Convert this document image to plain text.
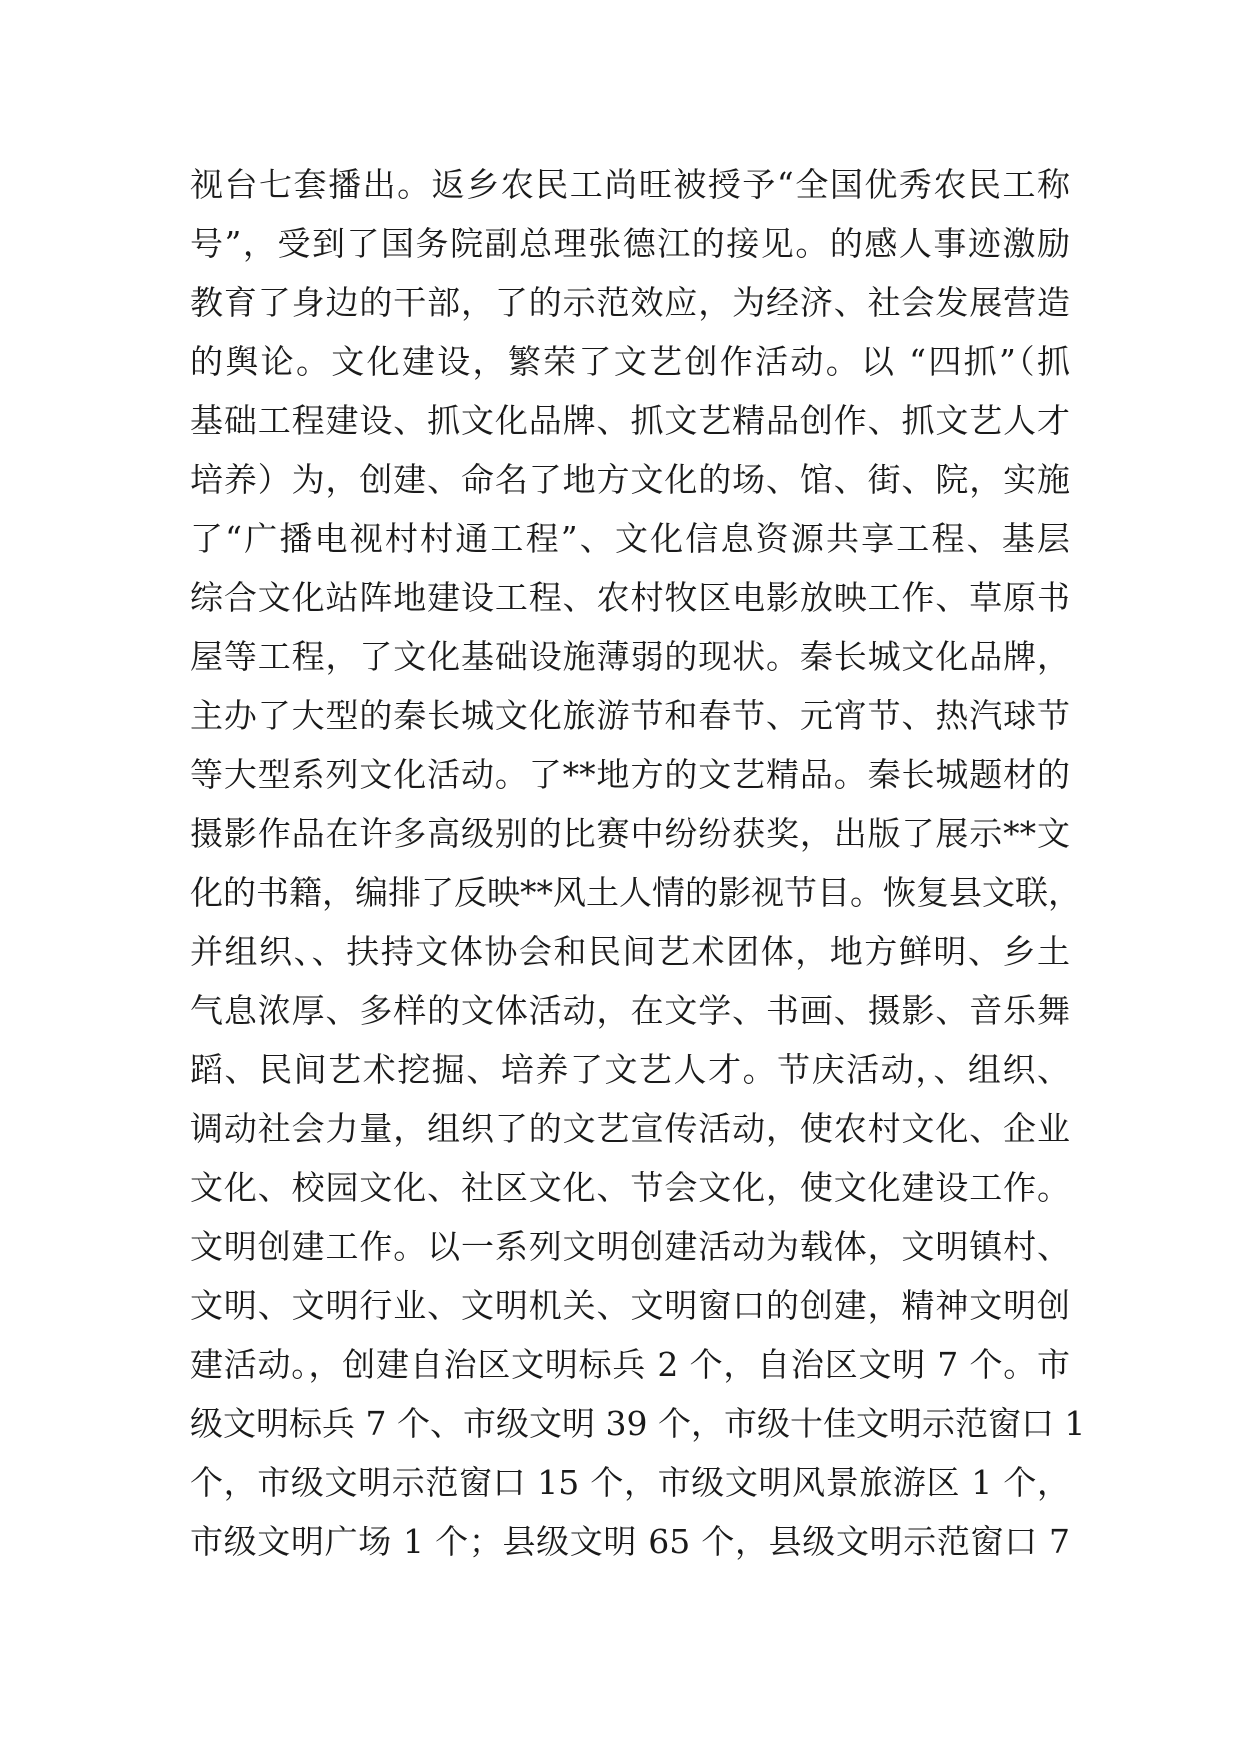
视台七套播出。返乡农民工尚旺被授予“全国优秀农民工称
号”，受到了国务院副总理张德江的接见。的感人事迹激励
教育了身边的干部，了的示范效应，为经济、社会发展营造
的舆论。文化建设，繁荣了文艺创作活动。以 “四抓”（抓
基础工程建设、抓文化品牌、抓文艺精品创作、抓文艺人才
培养）为，创建、命名了地方文化的场、馆、街、院，实施
了“广播电视村村通工程”、文化信息资源共享工程、基层
综合文化站阵地建设工程、农村牧区电影放映工作、草原书
屋等工程，了文化基础设施薄弱的现状。秦长城文化品牌，
主办了大型的秦长城文化旅游节和春节、元宵节、热汽球节
等大型系列文化活动。了**地方的文艺精品。秦长城题材的
摄影作品在许多高级别的比赛中纷纷获奖，出版了展示**文
化的书籍，编排了反映**风土人情的影视节目。恢复县文联，
并组织、、扶持文体协会和民间艺术团体，地方鲜明、乡土
气息浓厚、多样的文体活动，在文学、书画、摄影、音乐舞
蹈、民间艺术挖掘、培养了文艺人才。节庆活动，、组织、
调动社会力量，组织了的文艺宣传活动，使农村文化、企业
文化、校园文化、社区文化、节会文化，使文化建设工作。
文明创建工作。以一系列文明创建活动为载体，文明镇村、
文明、文明行业、文明机关、文明窗口的创建，精神文明创
建活动。，创建自治区文明标兵 2 个，自治区文明 7 个。市
级文明标兵 7 个、市级文明 39 个，市级十佳文明示范窗口 1
个，市级文明示范窗口 15 个，市级文明风景旅游区 1 个，
市级文明广场 1 个；县级文明 65 个，县级文明示范窗口 7
